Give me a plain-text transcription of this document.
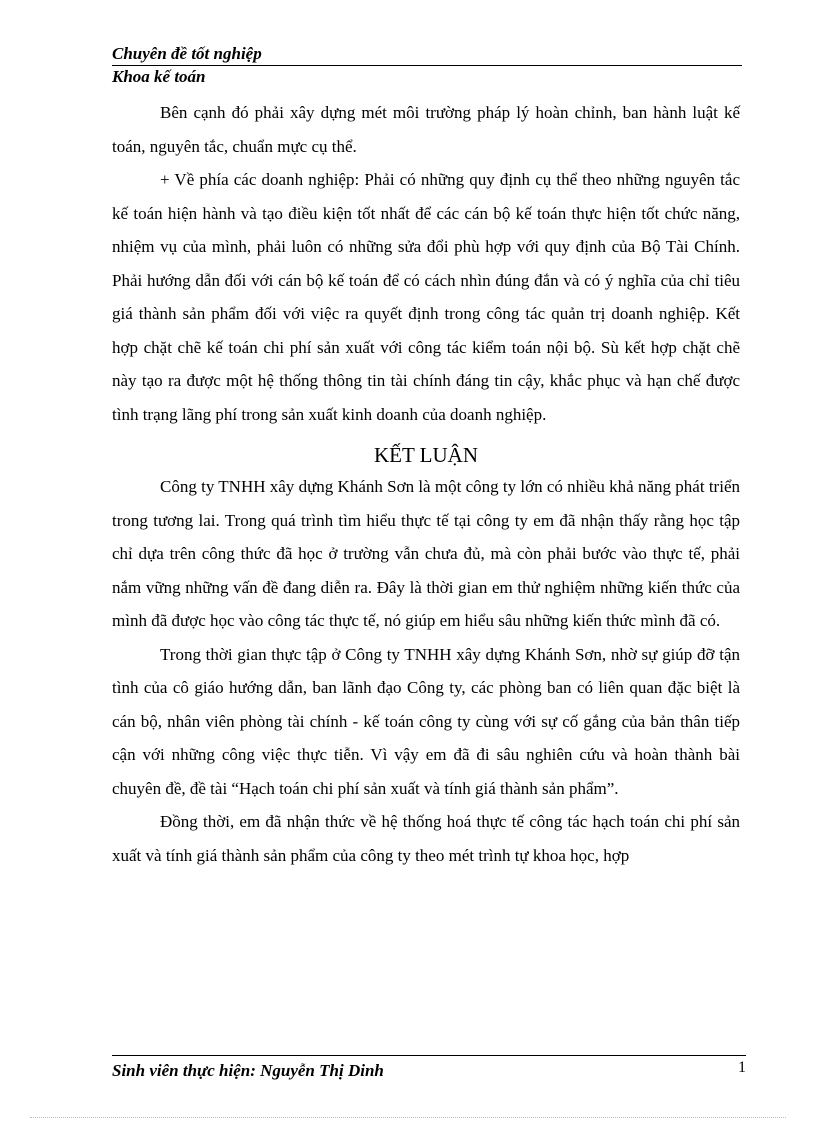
Chuyên đề tốt nghiệp
Khoa kế toán

Bên cạnh đó phải xây dựng mét môi trường pháp lý hoàn chỉnh, ban hành luật kế toán, nguyên tắc, chuẩn mực cụ thể.

+ Về phía các doanh nghiệp: Phải có những quy định cụ thể theo những nguyên tắc kế toán hiện hành và tạo điều kiện tốt nhất để các cán bộ kế toán thực hiện tốt chức năng, nhiệm vụ của mình, phải luôn có những sửa đổi phù hợp với quy định của Bộ Tài Chính. Phải hướng dẫn đối với cán bộ kế toán để có cách nhìn đúng đắn và có ý nghĩa của chỉ tiêu giá thành sản phẩm đối với việc ra quyết định trong công tác quản trị doanh nghiệp. Kết hợp chặt chẽ kế toán chi phí sản xuất với công tác kiểm toán nội bộ. Sù kết hợp chặt chẽ này tạo ra được một hệ thống thông tin tài chính đáng tin cậy, khắc phục và hạn chế được tình trạng lãng phí trong sản xuất kinh doanh của doanh nghiệp.

KẾT LUẬN

Công ty TNHH xây dựng Khánh Sơn là một công ty lớn có nhiều khả năng phát triển trong tương lai. Trong quá trình tìm hiểu thực tế tại công ty em đã nhận thấy rằng học tập chỉ dựa trên công thức đã học ở trường vẫn chưa đủ, mà còn phải bước vào thực tế, phải nắm vững những vấn đề đang diễn ra. Đây là thời gian em thử nghiệm những kiến thức của mình đã được học vào công tác thực tế, nó giúp em hiểu sâu những kiến thức mình đã có.

Trong thời gian thực tập ở Công ty TNHH xây dựng Khánh Sơn, nhờ sự giúp đỡ tận tình của cô giáo hướng dẫn, ban lãnh đạo Công ty, các phòng ban có liên quan đặc biệt là cán bộ, nhân viên phòng tài chính - kế toán công ty cùng với sự cố gắng của bản thân tiếp cận với những công việc thực tiễn. Vì vậy em đã đi sâu nghiên cứu và hoàn thành bài chuyên đề, đề tài “Hạch toán chi phí sản xuất và tính giá thành sản phẩm”.

Đồng thời, em đã nhận thức về hệ thống hoá thực tế công tác hạch toán chi phí sản xuất và tính giá thành sản phẩm của công ty theo mét trình tự khoa học, hợp

Sinh viên thực hiện: Nguyễn Thị Dinh	1
